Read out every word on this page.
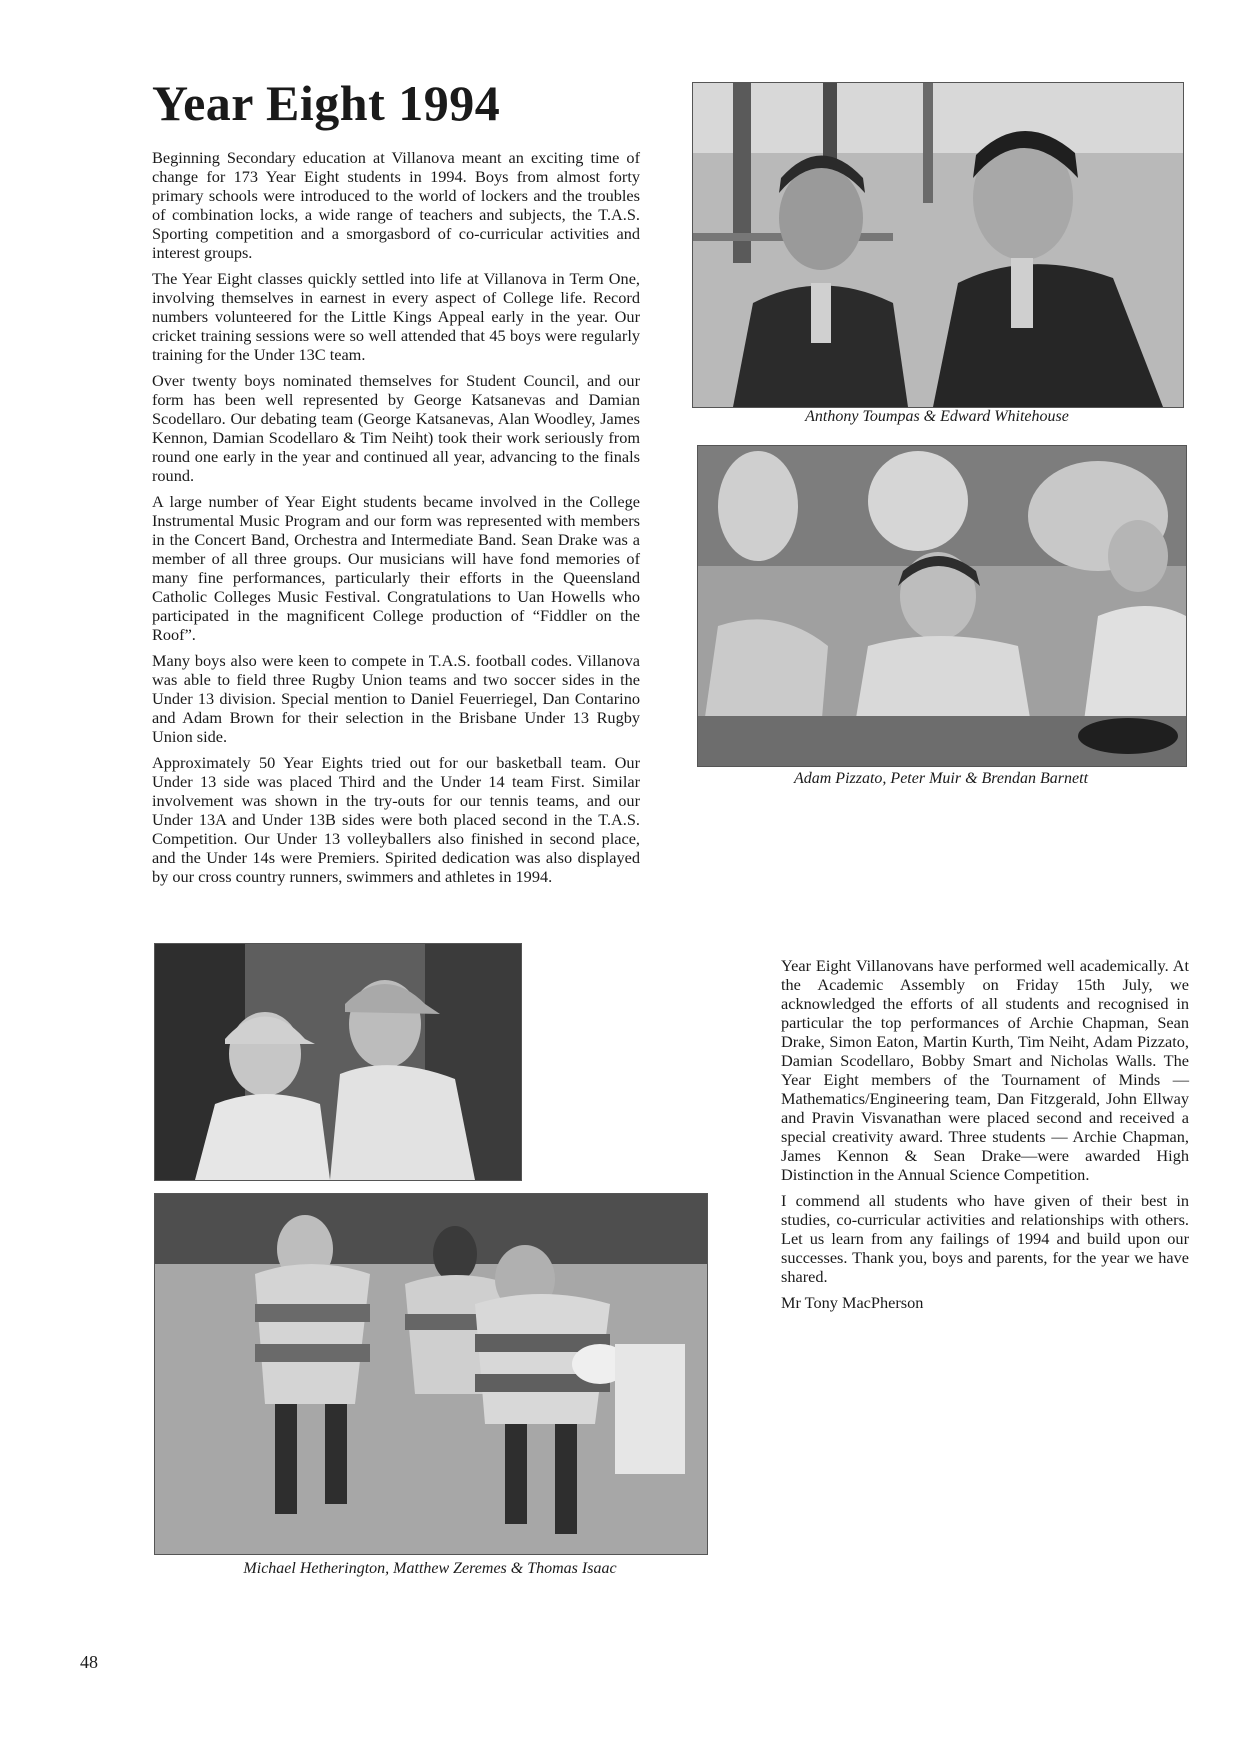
Year Eight 1994

Beginning Secondary education at Villanova meant an exciting time of change for 173 Year Eight students in 1994. Boys from almost forty primary schools were introduced to the world of lockers and the troubles of combination locks, a wide range of teachers and subjects, the T.A.S. Sporting competition and a smorgasbord of co-curricular activities and interest groups.

The Year Eight classes quickly settled into life at Villanova in Term One, involving themselves in earnest in every aspect of College life. Record numbers volunteered for the Little Kings Appeal early in the year. Our cricket training sessions were so well attended that 45 boys were regularly training for the Under 13C team.

Over twenty boys nominated themselves for Student Council, and our form has been well represented by George Katsanevas and Damian Scodellaro. Our debating team (George Katsanevas, Alan Woodley, James Kennon, Damian Scodellaro & Tim Neiht) took their work seriously from round one early in the year and continued all year, advancing to the finals round.

A large number of Year Eight students became involved in the College Instrumental Music Program and our form was represented with members in the Concert Band, Orchestra and Intermediate Band. Sean Drake was a member of all three groups. Our musicians will have fond memories of many fine performances, particularly their efforts in the Queensland Catholic Colleges Music Festival. Congratulations to Uan Howells who participated in the magnificent College production of “Fiddler on the Roof”.

Many boys also were keen to compete in T.A.S. football codes. Villanova was able to field three Rugby Union teams and two soccer sides in the Under 13 division. Special mention to Daniel Feuerriegel, Dan Contarino and Adam Brown for their selection in the Brisbane Under 13 Rugby Union side.

Approximately 50 Year Eights tried out for our basketball team. Our Under 13 side was placed Third and the Under 14 team First. Similar involvement was shown in the try-outs for our tennis teams, and our Under 13A and Under 13B sides were both placed second in the T.A.S. Competition. Our Under 13 volleyballers also finished in second place, and the Under 14s were Premiers. Spirited dedication was also displayed by our cross country runners, swimmers and athletes in 1994.

Anthony Toumpas & Edward Whitehouse
Adam Pizzato, Peter Muir & Brendan Barnett
Michael Hetherington, Matthew Zeremes & Thomas Isaac

Year Eight Villanovans have performed well academically. At the Academic Assembly on Friday 15th July, we acknowledged the efforts of all students and recognised in particular the top performances of Archie Chapman, Sean Drake, Simon Eaton, Martin Kurth, Tim Neiht, Adam Pizzato, Damian Scodellaro, Bobby Smart and Nicholas Walls. The Year Eight members of the Tournament of Minds — Mathematics/Engineering team, Dan Fitzgerald, John Ellway and Pravin Visvanathan were placed second and received a special creativity award. Three students — Archie Chapman, James Kennon & Sean Drake—were awarded High Distinction in the Annual Science Competition.

I commend all students who have given of their best in studies, co-curricular activities and relationships with others. Let us learn from any failings of 1994 and build upon our successes. Thank you, boys and parents, for the year we have shared.

Mr Tony MacPherson

48
